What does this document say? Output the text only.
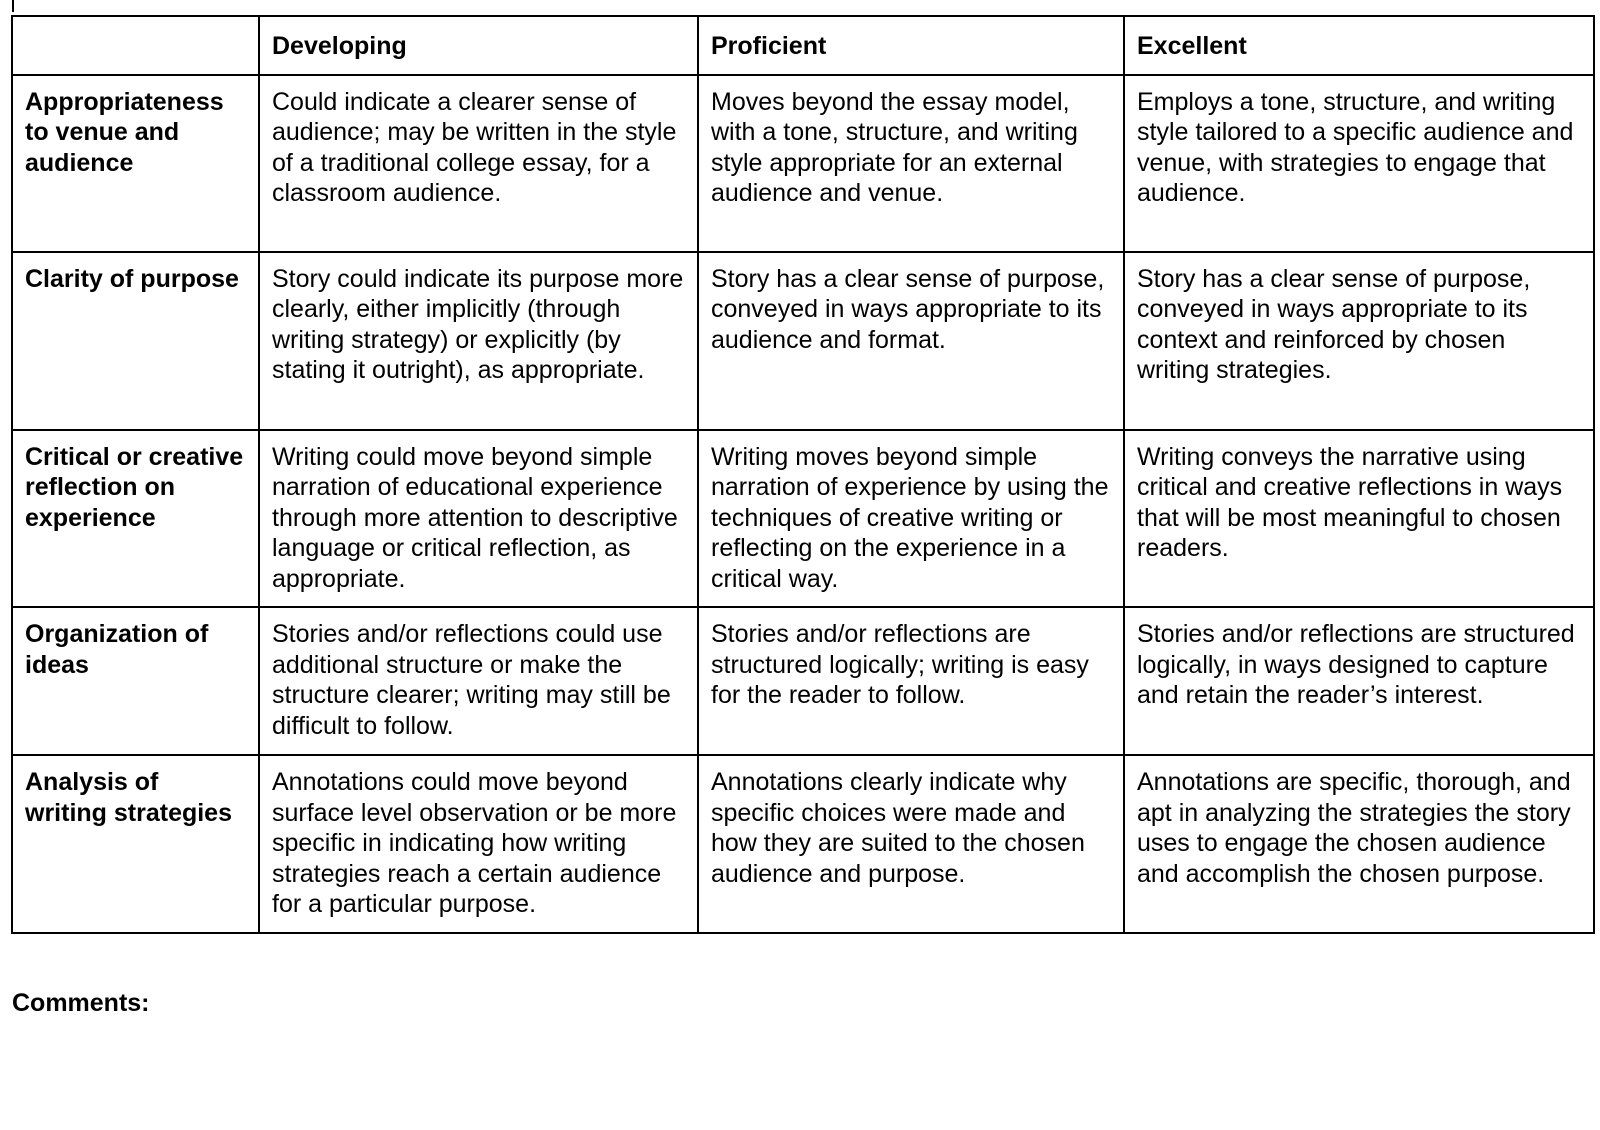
	Developing	Proficient	Excellent
Appropriateness to venue and audience	Could indicate a clearer sense of audience; may be written in the style of a traditional college essay, for a classroom audience.	Moves beyond the essay model, with a tone, structure, and writing style appropriate for an external audience and venue.	Employs a tone, structure, and writing style tailored to a specific audience and venue, with strategies to engage that audience.
Clarity of purpose	Story could indicate its purpose more clearly, either implicitly (through writing strategy) or explicitly (by stating it outright), as appropriate.	Story has a clear sense of purpose, conveyed in ways appropriate to its audience and format.	Story has a clear sense of purpose, conveyed in ways appropriate to its context and reinforced by chosen writing strategies.
Critical or creative reflection on experience	Writing could move beyond simple narration of educational experience through more attention to descriptive language or critical reflection, as appropriate.	Writing moves beyond simple narration of experience by using the techniques of creative writing or reflecting on the experience in a critical way.	Writing conveys the narrative using critical and creative reflections in ways that will be most meaningful to chosen readers.
Organization of ideas	Stories and/or reflections could use additional structure or make the structure clearer; writing may still be difficult to follow.	Stories and/or reflections are structured logically; writing is easy for the reader to follow.	Stories and/or reflections are structured logically, in ways designed to capture and retain the reader’s interest.
Analysis of writing strategies	Annotations could move beyond surface level observation or be more specific in indicating how writing strategies reach a certain audience for a particular purpose.	Annotations clearly indicate why specific choices were made and how they are suited to the chosen audience and purpose.	Annotations are specific, thorough, and apt in analyzing the strategies the story uses to engage the chosen audience and accomplish the chosen purpose.
Comments:
